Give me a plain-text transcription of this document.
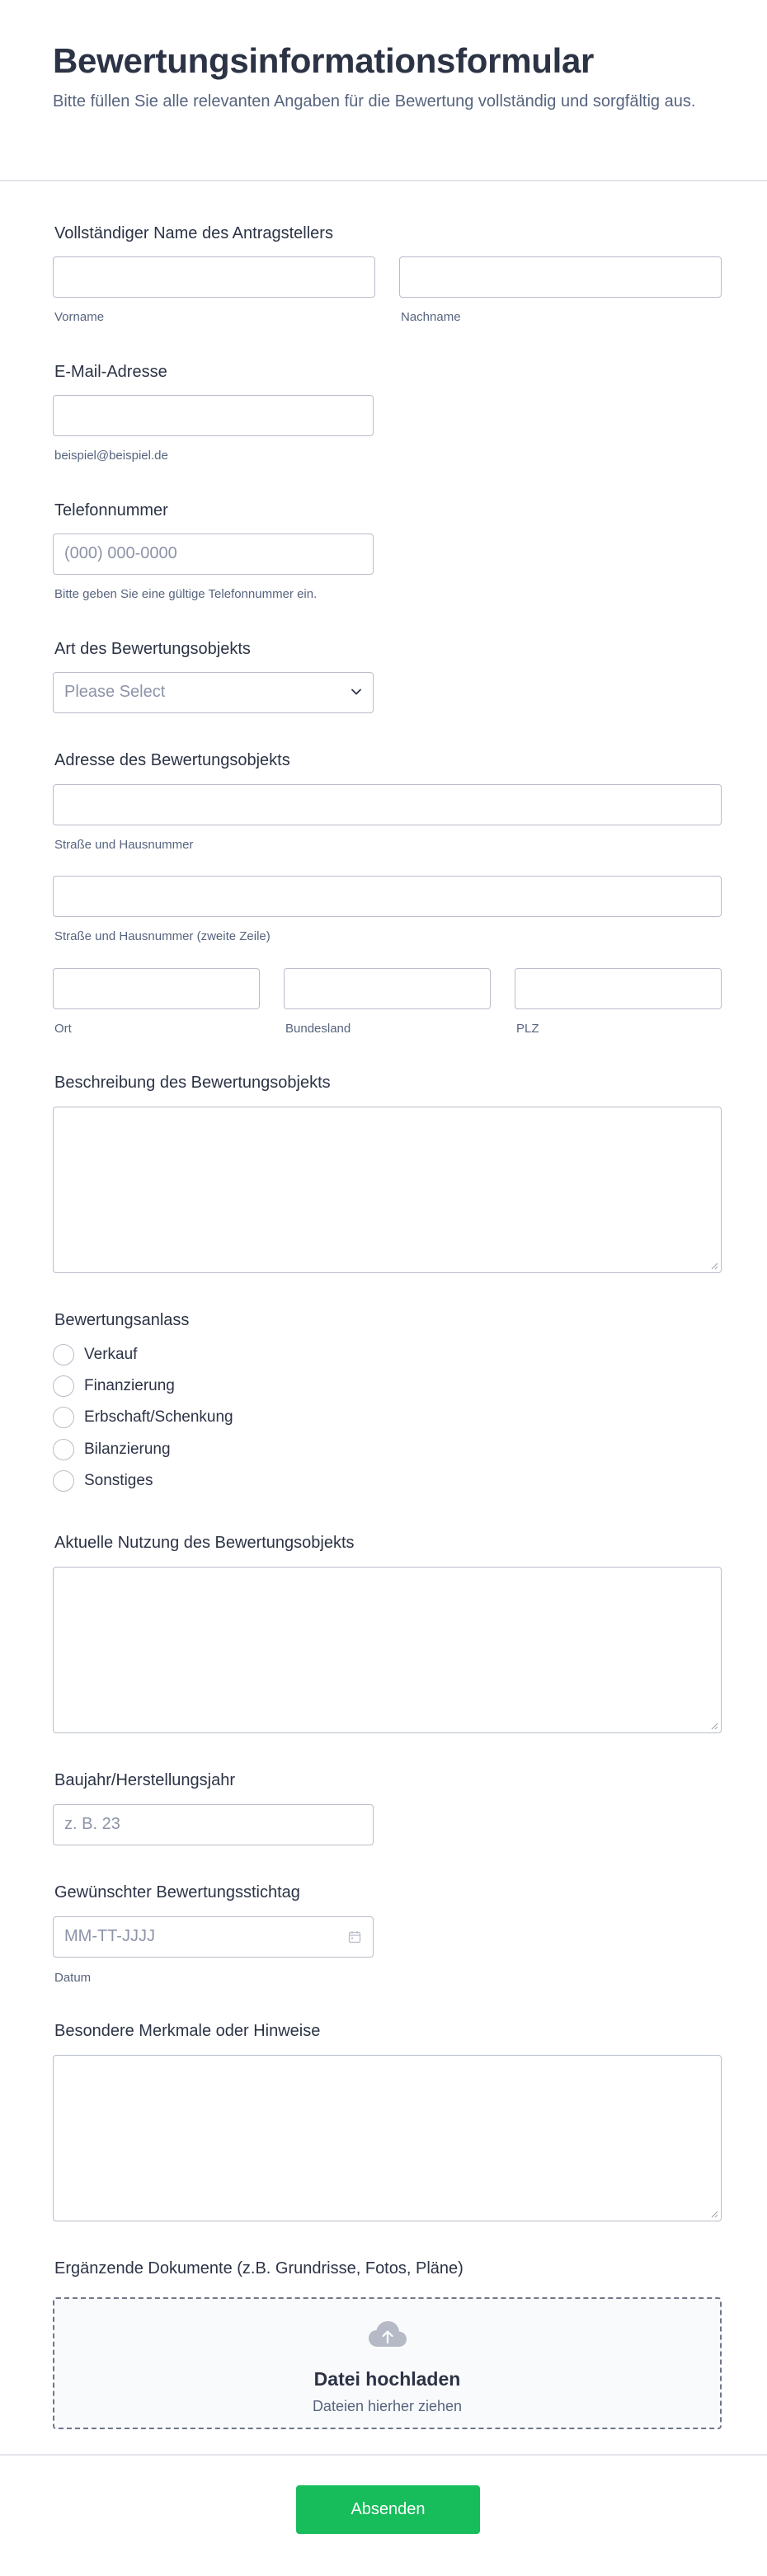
Bewertungsinformationsformular
Bitte füllen Sie alle relevanten Angaben für die Bewertung vollständig und sorgfältig aus.
Vollständiger Name des Antragstellers
Vorname	Nachname
E-Mail-Adresse
beispiel@beispiel.de
Telefonnummer
(000) 000-0000
Bitte geben Sie eine gültige Telefonnummer ein.
Art des Bewertungsobjekts
Please Select
Adresse des Bewertungsobjekts
Straße und Hausnummer
Straße und Hausnummer (zweite Zeile)
Ort	Bundesland	PLZ
Beschreibung des Bewertungsobjekts
Bewertungsanlass
Verkauf
Finanzierung
Erbschaft/Schenkung
Bilanzierung
Sonstiges
Aktuelle Nutzung des Bewertungsobjekts
Baujahr/Herstellungsjahr
z. B. 23
Gewünschter Bewertungsstichtag
MM-TT-JJJJ
Datum
Besondere Merkmale oder Hinweise
Ergänzende Dokumente (z.B. Grundrisse, Fotos, Pläne)
Datei hochladen
Dateien hierher ziehen
Absenden
